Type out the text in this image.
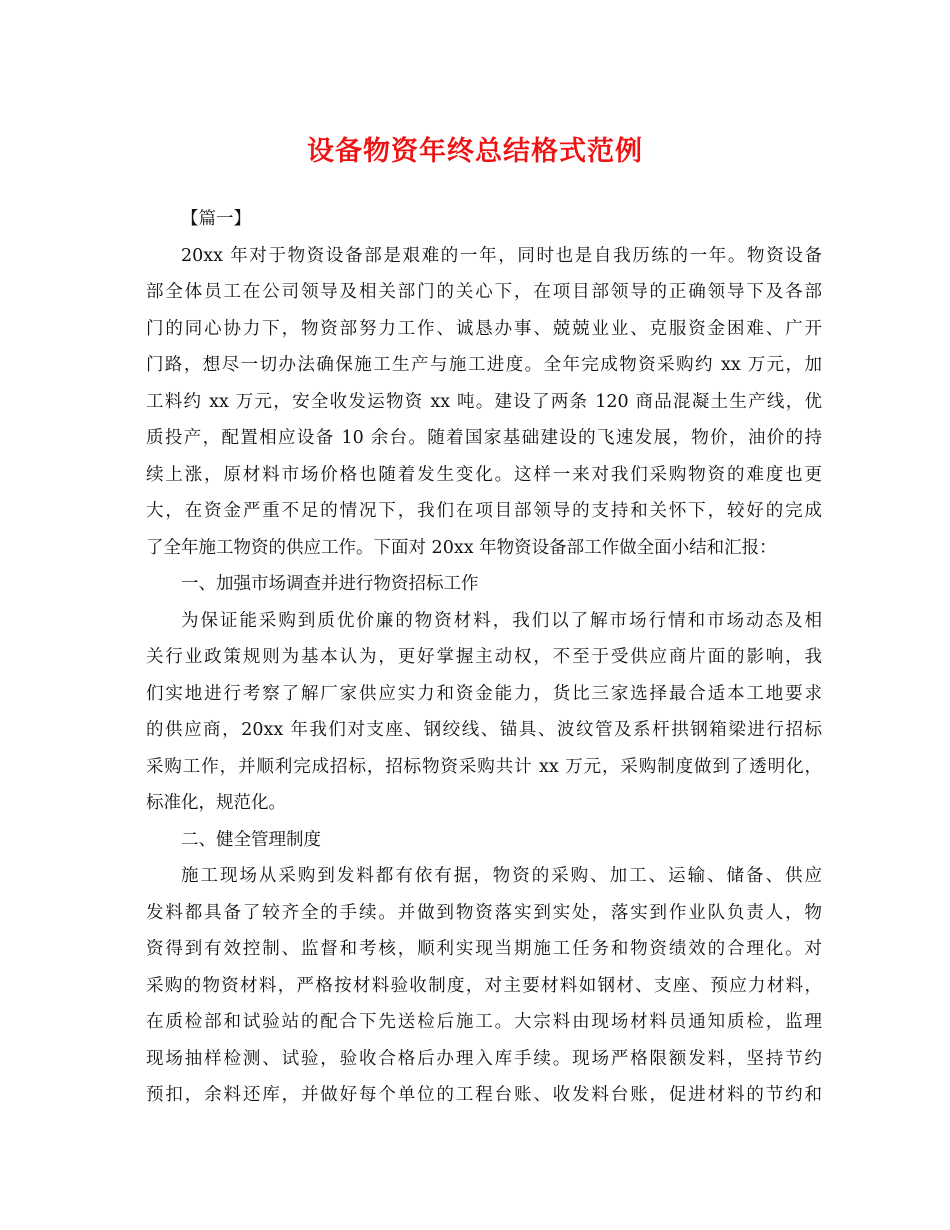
设备物资年终总结格式范例
【篇一】
20xx 年对于物资设备部是艰难的一年，同时也是自我历练的一年。物资设备
部全体员工在公司领导及相关部门的关心下，在项目部领导的正确领导下及各部
门的同心协力下，物资部努力工作、诚恳办事、兢兢业业、克服资金困难、广开
门路，想尽一切办法确保施工生产与施工进度。全年完成物资采购约 xx 万元，加
工料约 xx 万元，安全收发运物资 xx 吨。建设了两条 120 商品混凝土生产线，优
质投产，配置相应设备 10 余台。随着国家基础建设的飞速发展，物价，油价的持
续上涨，原材料市场价格也随着发生变化。这样一来对我们采购物资的难度也更
大，在资金严重不足的情况下，我们在项目部领导的支持和关怀下，较好的完成
了全年施工物资的供应工作。下面对 20xx 年物资设备部工作做全面小结和汇报：
一、加强市场调查并进行物资招标工作
为保证能采购到质优价廉的物资材料，我们以了解市场行情和市场动态及相
关行业政策规则为基本认为，更好掌握主动权，不至于受供应商片面的影响，我
们实地进行考察了解厂家供应实力和资金能力，货比三家选择最合适本工地要求
的供应商，20xx 年我们对支座、钢绞线、锚具、波纹管及系杆拱钢箱梁进行招标
采购工作，并顺利完成招标，招标物资采购共计 xx 万元，采购制度做到了透明化，
标准化，规范化。
二、健全管理制度
施工现场从采购到发料都有依有据，物资的采购、加工、运输、储备、供应
发料都具备了较齐全的手续。并做到物资落实到实处，落实到作业队负责人，物
资得到有效控制、监督和考核，顺利实现当期施工任务和物资绩效的合理化。对
采购的物资材料，严格按材料验收制度，对主要材料如钢材、支座、预应力材料，
在质检部和试验站的配合下先送检后施工。大宗料由现场材料员通知质检，监理
现场抽样检测、试验，验收合格后办理入库手续。现场严格限额发料，坚持节约
预扣，余料还库，并做好每个单位的工程台账、收发料台账，促进材料的节约和
